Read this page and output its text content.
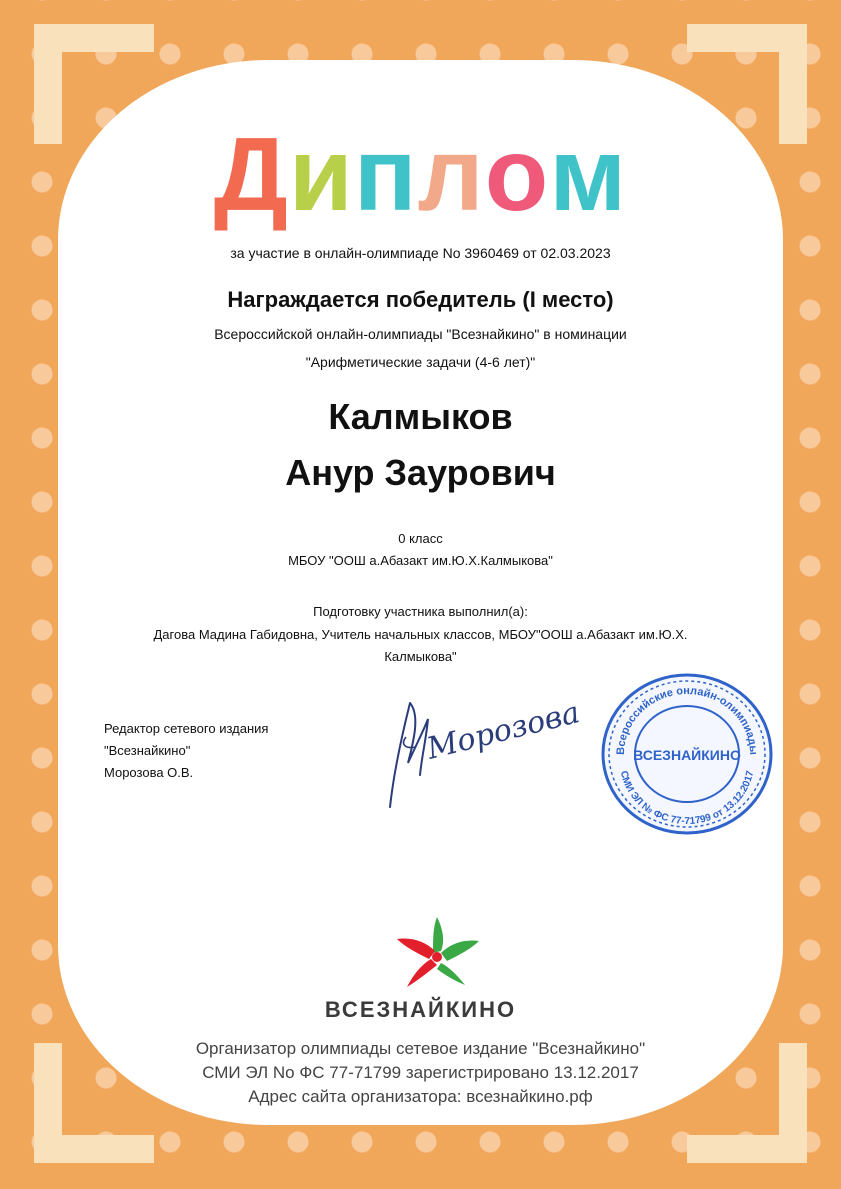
Диплом
за участие в онлайн-олимпиаде No 3960469 от 02.03.2023
Награждается победитель (I место)
Всероссийской онлайн-олимпиады "Всезнайкино" в номинации
"Арифметические задачи (4-6 лет)"
Калмыков
Анур Заурович
0 класс
МБОУ "ООШ а.Абазакт им.Ю.Х.Калмыкова"
Подготовку участника выполнил(а):
Дагова Мадина Габидовна, Учитель начальных классов, МБОУ"ООШ а.Абазакт им.Ю.Х.
Калмыкова"
Редактор сетевого издания
"Всезнайкино"
Морозова О.В.
Морозова	Всероссийские онлайн-олимпиады
СМИ ЭЛ № ФС 77-71799 от 13.12.2017
ВСЕЗНАЙКИНО
ВСЕЗНАЙКИНО
Организатор олимпиады сетевое издание "Всезнайкино"
СМИ ЭЛ No ФС 77-71799 зарегистрировано 13.12.2017
Адрес сайта организатора: всезнайкино.рф
